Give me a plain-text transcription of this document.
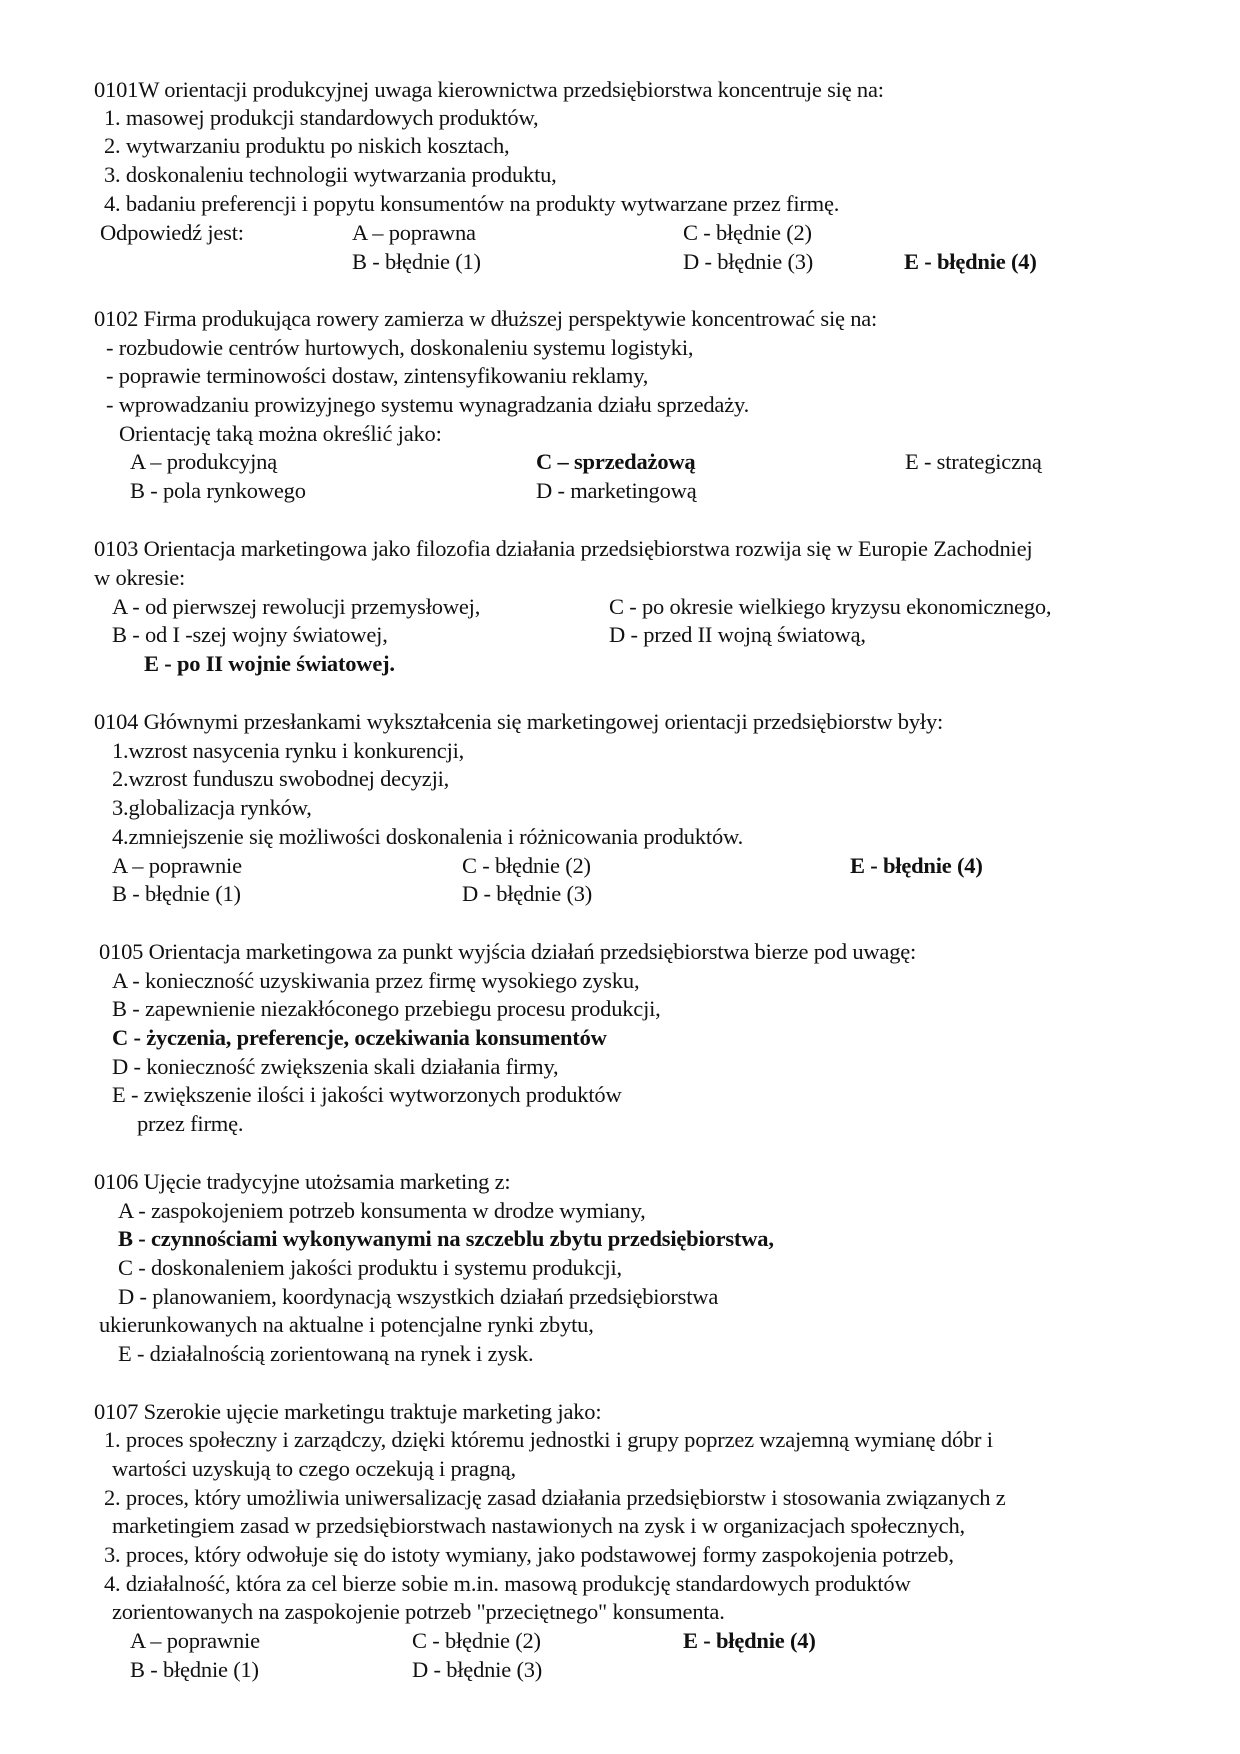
0101W orientacji produkcyjnej uwaga kierownictwa przedsiębiorstwa koncentruje się na:
1. masowej produkcji standardowych produktów,
2. wytwarzaniu produktu po niskich kosztach,
3. doskonaleniu technologii wytwarzania produktu,
4. badaniu preferencji i popytu konsumentów na produkty wytwarzane przez firmę.
Odpowiedź jest:	A – poprawna	C - błędnie (2)
B - błędnie (1)	D - błędnie (3)	E - błędnie (4)
0102 Firma produkująca rowery zamierza w dłuższej perspektywie koncentrować się na:
- rozbudowie centrów hurtowych, doskonaleniu systemu logistyki,
- poprawie terminowości dostaw, zintensyfikowaniu reklamy,
- wprowadzaniu prowizyjnego systemu wynagradzania działu sprzedaży.
Orientację taką można określić jako:
A – produkcyjną	C – sprzedażową	E - strategiczną
B - pola rynkowego	D - marketingową
0103 Orientacja marketingowa jako filozofia działania przedsiębiorstwa rozwija się w Europie Zachodniej
w okresie:
A - od pierwszej rewolucji przemysłowej,	C - po okresie wielkiego kryzysu ekonomicznego,
B - od I -szej wojny światowej,	D - przed II wojną światową,
E - po II wojnie światowej.
0104 Głównymi przesłankami wykształcenia się marketingowej orientacji przedsiębiorstw były:
1.wzrost nasycenia rynku i konkurencji,
2.wzrost funduszu swobodnej decyzji,
3.globalizacja rynków,
4.zmniejszenie się możliwości doskonalenia i różnicowania produktów.
A – poprawnie	C - błędnie (2)	E - błędnie (4)
B - błędnie (1)	D - błędnie (3)
0105 Orientacja marketingowa za punkt wyjścia działań przedsiębiorstwa bierze pod uwagę:
A - konieczność uzyskiwania przez firmę wysokiego zysku,
B - zapewnienie niezakłóconego przebiegu procesu produkcji,
C - życzenia, preferencje, oczekiwania konsumentów
D - konieczność zwiększenia skali działania firmy,
E - zwiększenie ilości i jakości wytworzonych produktów
przez firmę.
0106 Ujęcie tradycyjne utożsamia marketing z:
A - zaspokojeniem potrzeb konsumenta w drodze wymiany,
B - czynnościami wykonywanymi na szczeblu zbytu przedsiębiorstwa,
C - doskonaleniem jakości produktu i systemu produkcji,
D - planowaniem, koordynacją wszystkich działań przedsiębiorstwa
ukierunkowanych na aktualne i potencjalne rynki zbytu,
E - działalnością zorientowaną na rynek i zysk.
0107 Szerokie ujęcie marketingu traktuje marketing jako:
1. proces społeczny i zarządczy, dzięki któremu jednostki i grupy poprzez wzajemną wymianę dóbr i
wartości uzyskują to czego oczekują i pragną,
2. proces, który umożliwia uniwersalizację zasad działania przedsiębiorstw i stosowania związanych z
marketingiem zasad w przedsiębiorstwach nastawionych na zysk i w organizacjach społecznych,
3. proces, który odwołuje się do istoty wymiany, jako podstawowej formy zaspokojenia potrzeb,
4. działalność, która za cel bierze sobie m.in. masową produkcję standardowych produktów
zorientowanych na zaspokojenie potrzeb "przeciętnego" konsumenta.
A – poprawnie	C - błędnie (2)	E - błędnie (4)
B - błędnie (1)	D - błędnie (3)
